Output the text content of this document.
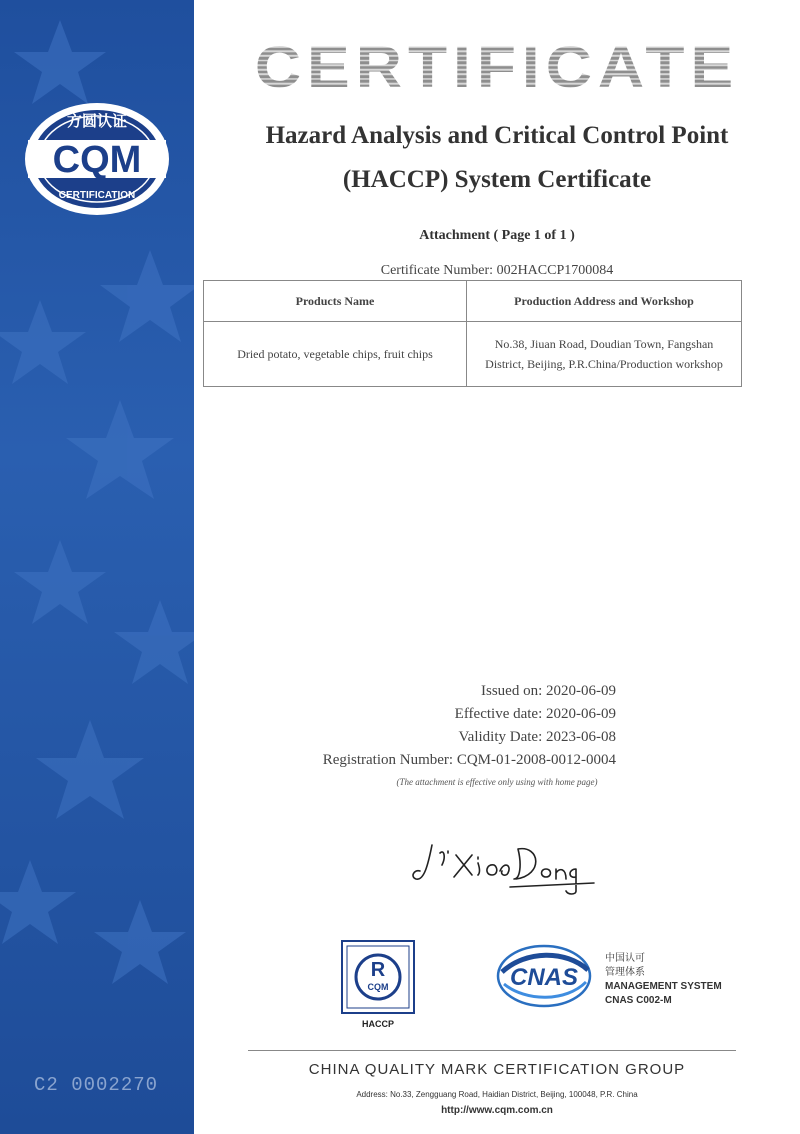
方圆认证
CQM
CERTIFICATION
C2 0002270
CERTIFICATE
Hazard Analysis and Critical Control Point
(HACCP) System Certificate
Attachment ( Page 1 of 1 )
Certificate Number: 002HACCP1700084
Products Name	Production Address and Workshop
Dried potato, vegetable chips, fruit chips	No.38, Jiuan Road, Doudian Town, Fangshan District, Beijing, P.R.China/Production workshop
Issued on: 2020-06-09
Effective date: 2020-06-09
Validity Date: 2023-06-08
Registration Number: CQM-01-2008-0012-0004
(The attachment is effective only using with home page)
Ji XiaoDong
R
CQM
HACCP
CNAS
中国认可
管理体系
MANAGEMENT SYSTEM
CNAS C002-M
CHINA QUALITY MARK CERTIFICATION GROUP
Address: No.33, Zengguang Road, Haidian District, Beijing, 100048, P.R. China
http://www.cqm.com.cn
